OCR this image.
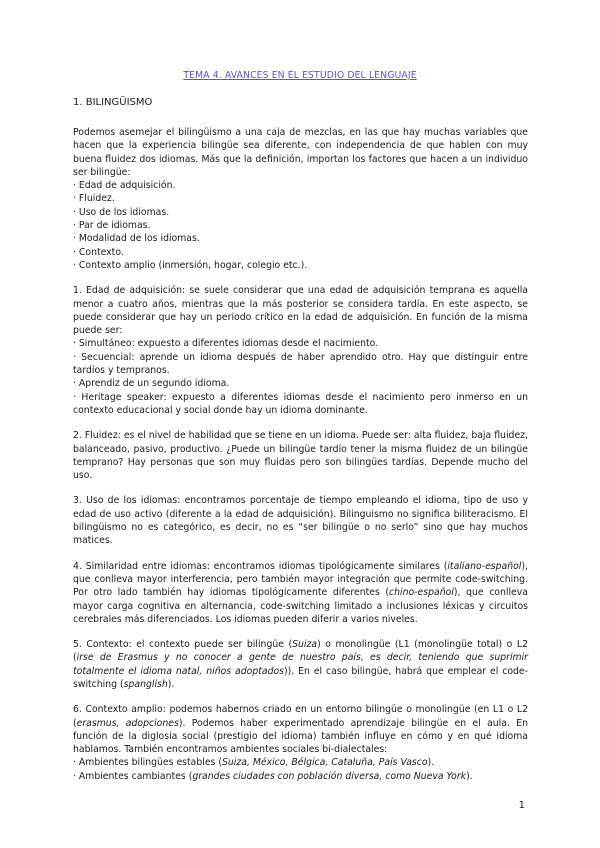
TEMA 4. AVANCES EN EL ESTUDIO DEL LENGUAJE
1. BILINGÜISMO

Podemos asemejar el bilingüismo a una caja de mezclas, en las que hay muchas variables que hacen que la experiencia bilingüe sea diferente, con independencia de que hablen con muy buena fluidez dos idiomas. Más que la definición, importan los factores que hacen a un individuo ser bilingüe:

· Edad de adquisición.
· Fluidez.
· Uso de los idiomas.
· Par de idiomas.
· Modalidad de los idiomas.
· Contexto.
· Contexto amplio (inmersión, hogar, colegio etc.).

1. Edad de adquisición: se suele considerar que una edad de adquisición temprana es aquella menor a cuatro años, mientras que la más posterior se considera tardía. En este aspecto, se puede considerar que hay un periodo crítico en la edad de adquisición. En función de la misma puede ser:

· Simultáneo: expuesto a diferentes idiomas desde el nacimiento.
· Secuencial: aprende un idioma después de haber aprendido otro. Hay que distinguir entre tardíos y tempranos.
· Aprendiz de un segundo idioma.
· Heritage speaker: expuesto a diferentes idiomas desde el nacimiento pero inmerso en un contexto educacional y social donde hay un idioma dominante.

2. Fluidez: es el nivel de habilidad que se tiene en un idioma. Puede ser: alta fluidez, baja fluidez, balanceado, pasivo, productivo. ¿Puede un bilingüe tardío tener la misma fluidez de un bilingüe temprano? Hay personas que son muy fluidas pero son bilingües tardías. Depende mucho del uso.

3. Uso de los idiomas: encontramos porcentaje de tiempo empleando el idioma, tipo de uso y edad de uso activo (diferente a la edad de adquisición). Bilinguismo no significa biliteracismo. El bilingüismo no es categórico, es decir, no es “ser bilingüe o no serlo” sino que hay muchos matices.

4. Similaridad entre idiomas: encontramos idiomas tipológicamente similares (italiano-español), que conlleva mayor interferencia, pero también mayor integración que permite code-switching. Por otro lado también hay idiomas tipológicamente diferentes (chino-español), que conlleva mayor carga cognitiva en alternancia, code-switching limitado a inclusiones léxicas y circuitos cerebrales más diferenciados. Los idiomas pueden diferir a varios niveles.

5. Contexto: el contexto puede ser bilingüe (Suiza) o monolingüe (L1 (monolingüe total) o L2 (irse de Erasmus y no conocer a gente de nuestro país, es decir, teniendo que suprimir totalmente el idioma natal, niños adoptados)). En el caso bilingüe, habrá que emplear el code-switching (spanglish).

6. Contexto amplio: podemos habernos criado en un entorno bilingüe o monolingüe (en L1 o L2 (erasmus, adopciones). Podemos haber experimentado aprendizaje bilingüe en el aula. En función de la diglosia social (prestigio del idioma) también influye en cómo y en qué idioma hablamos. También encontramos ambientes sociales bi-dialectales:

· Ambientes bilingües estables (Suiza, México, Bélgica, Cataluña, País Vasco).
· Ambientes cambiantes (grandes ciudades con población diversa, como Nueva York).
1
